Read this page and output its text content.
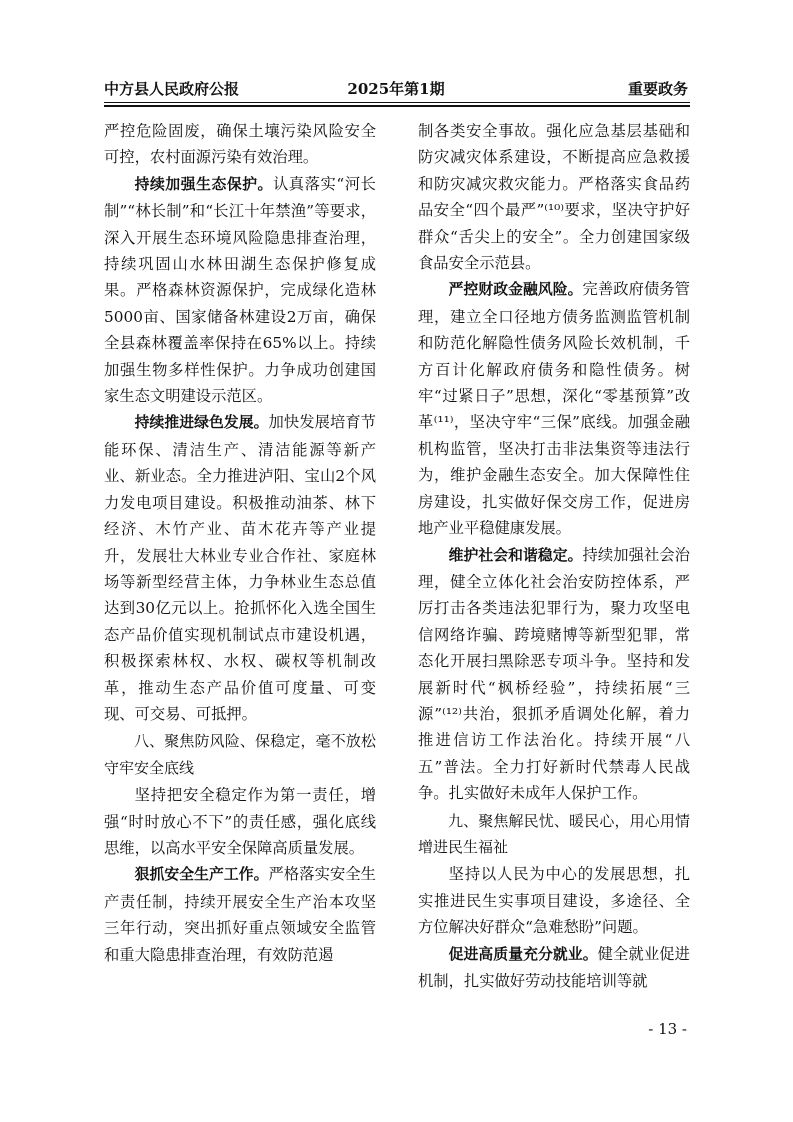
中方县人民政府公报	2025年第1期	重要政务

严控危险固废，确保土壤污染风险安全可控，农村面源污染有效治理。

持续加强生态保护。认真落实“河长制”“林长制”和“长江十年禁渔”等要求，深入开展生态环境风险隐患排查治理，持续巩固山水林田湖生态保护修复成果。严格森林资源保护，完成绿化造林5000亩、国家储备林建设2万亩，确保全县森林覆盖率保持在65%以上。持续加强生物多样性保护。力争成功创建国家生态文明建设示范区。

持续推进绿色发展。加快发展培育节能环保、清洁生产、清洁能源等新产业、新业态。全力推进泸阳、宝山2个风力发电项目建设。积极推动油茶、林下经济、木竹产业、苗木花卉等产业提升，发展壮大林业专业合作社、家庭林场等新型经营主体，力争林业生态总值达到30亿元以上。抢抓怀化入选全国生态产品价值实现机制试点市建设机遇，积极探索林权、水权、碳权等机制改革，推动生态产品价值可度量、可变现、可交易、可抵押。

八、聚焦防风险、保稳定，毫不放松守牢安全底线

坚持把安全稳定作为第一责任，增强“时时放心不下”的责任感，强化底线思维，以高水平安全保障高质量发展。

狠抓安全生产工作。严格落实安全生产责任制，持续开展安全生产治本攻坚三年行动，突出抓好重点领域安全监管和重大隐患排查治理，有效防范遏

制各类安全事故。强化应急基层基础和防灾减灾体系建设，不断提高应急救援和防灾减灾救灾能力。严格落实食品药品安全“四个最严”⁽¹⁰⁾要求，坚决守护好群众“舌尖上的安全”。全力创建国家级食品安全示范县。

严控财政金融风险。完善政府债务管理，建立全口径地方债务监测监管机制和防范化解隐性债务风险长效机制，千方百计化解政府债务和隐性债务。树牢“过紧日子”思想，深化“零基预算”改革⁽¹¹⁾，坚决守牢“三保”底线。加强金融机构监管，坚决打击非法集资等违法行为，维护金融生态安全。加大保障性住房建设，扎实做好保交房工作，促进房地产业平稳健康发展。

维护社会和谐稳定。持续加强社会治理，健全立体化社会治安防控体系，严厉打击各类违法犯罪行为，聚力攻坚电信网络诈骗、跨境赌博等新型犯罪，常态化开展扫黑除恶专项斗争。坚持和发展新时代“枫桥经验”，持续拓展“三源”⁽¹²⁾共治，狠抓矛盾调处化解，着力推进信访工作法治化。持续开展“八五”普法。全力打好新时代禁毒人民战争。扎实做好未成年人保护工作。

九、聚焦解民忧、暖民心，用心用情增进民生福祉

坚持以人民为中心的发展思想，扎实推进民生实事项目建设，多途径、全方位解决好群众“急难愁盼”问题。

促进高质量充分就业。健全就业促进机制，扎实做好劳动技能培训等就

- 13 -
